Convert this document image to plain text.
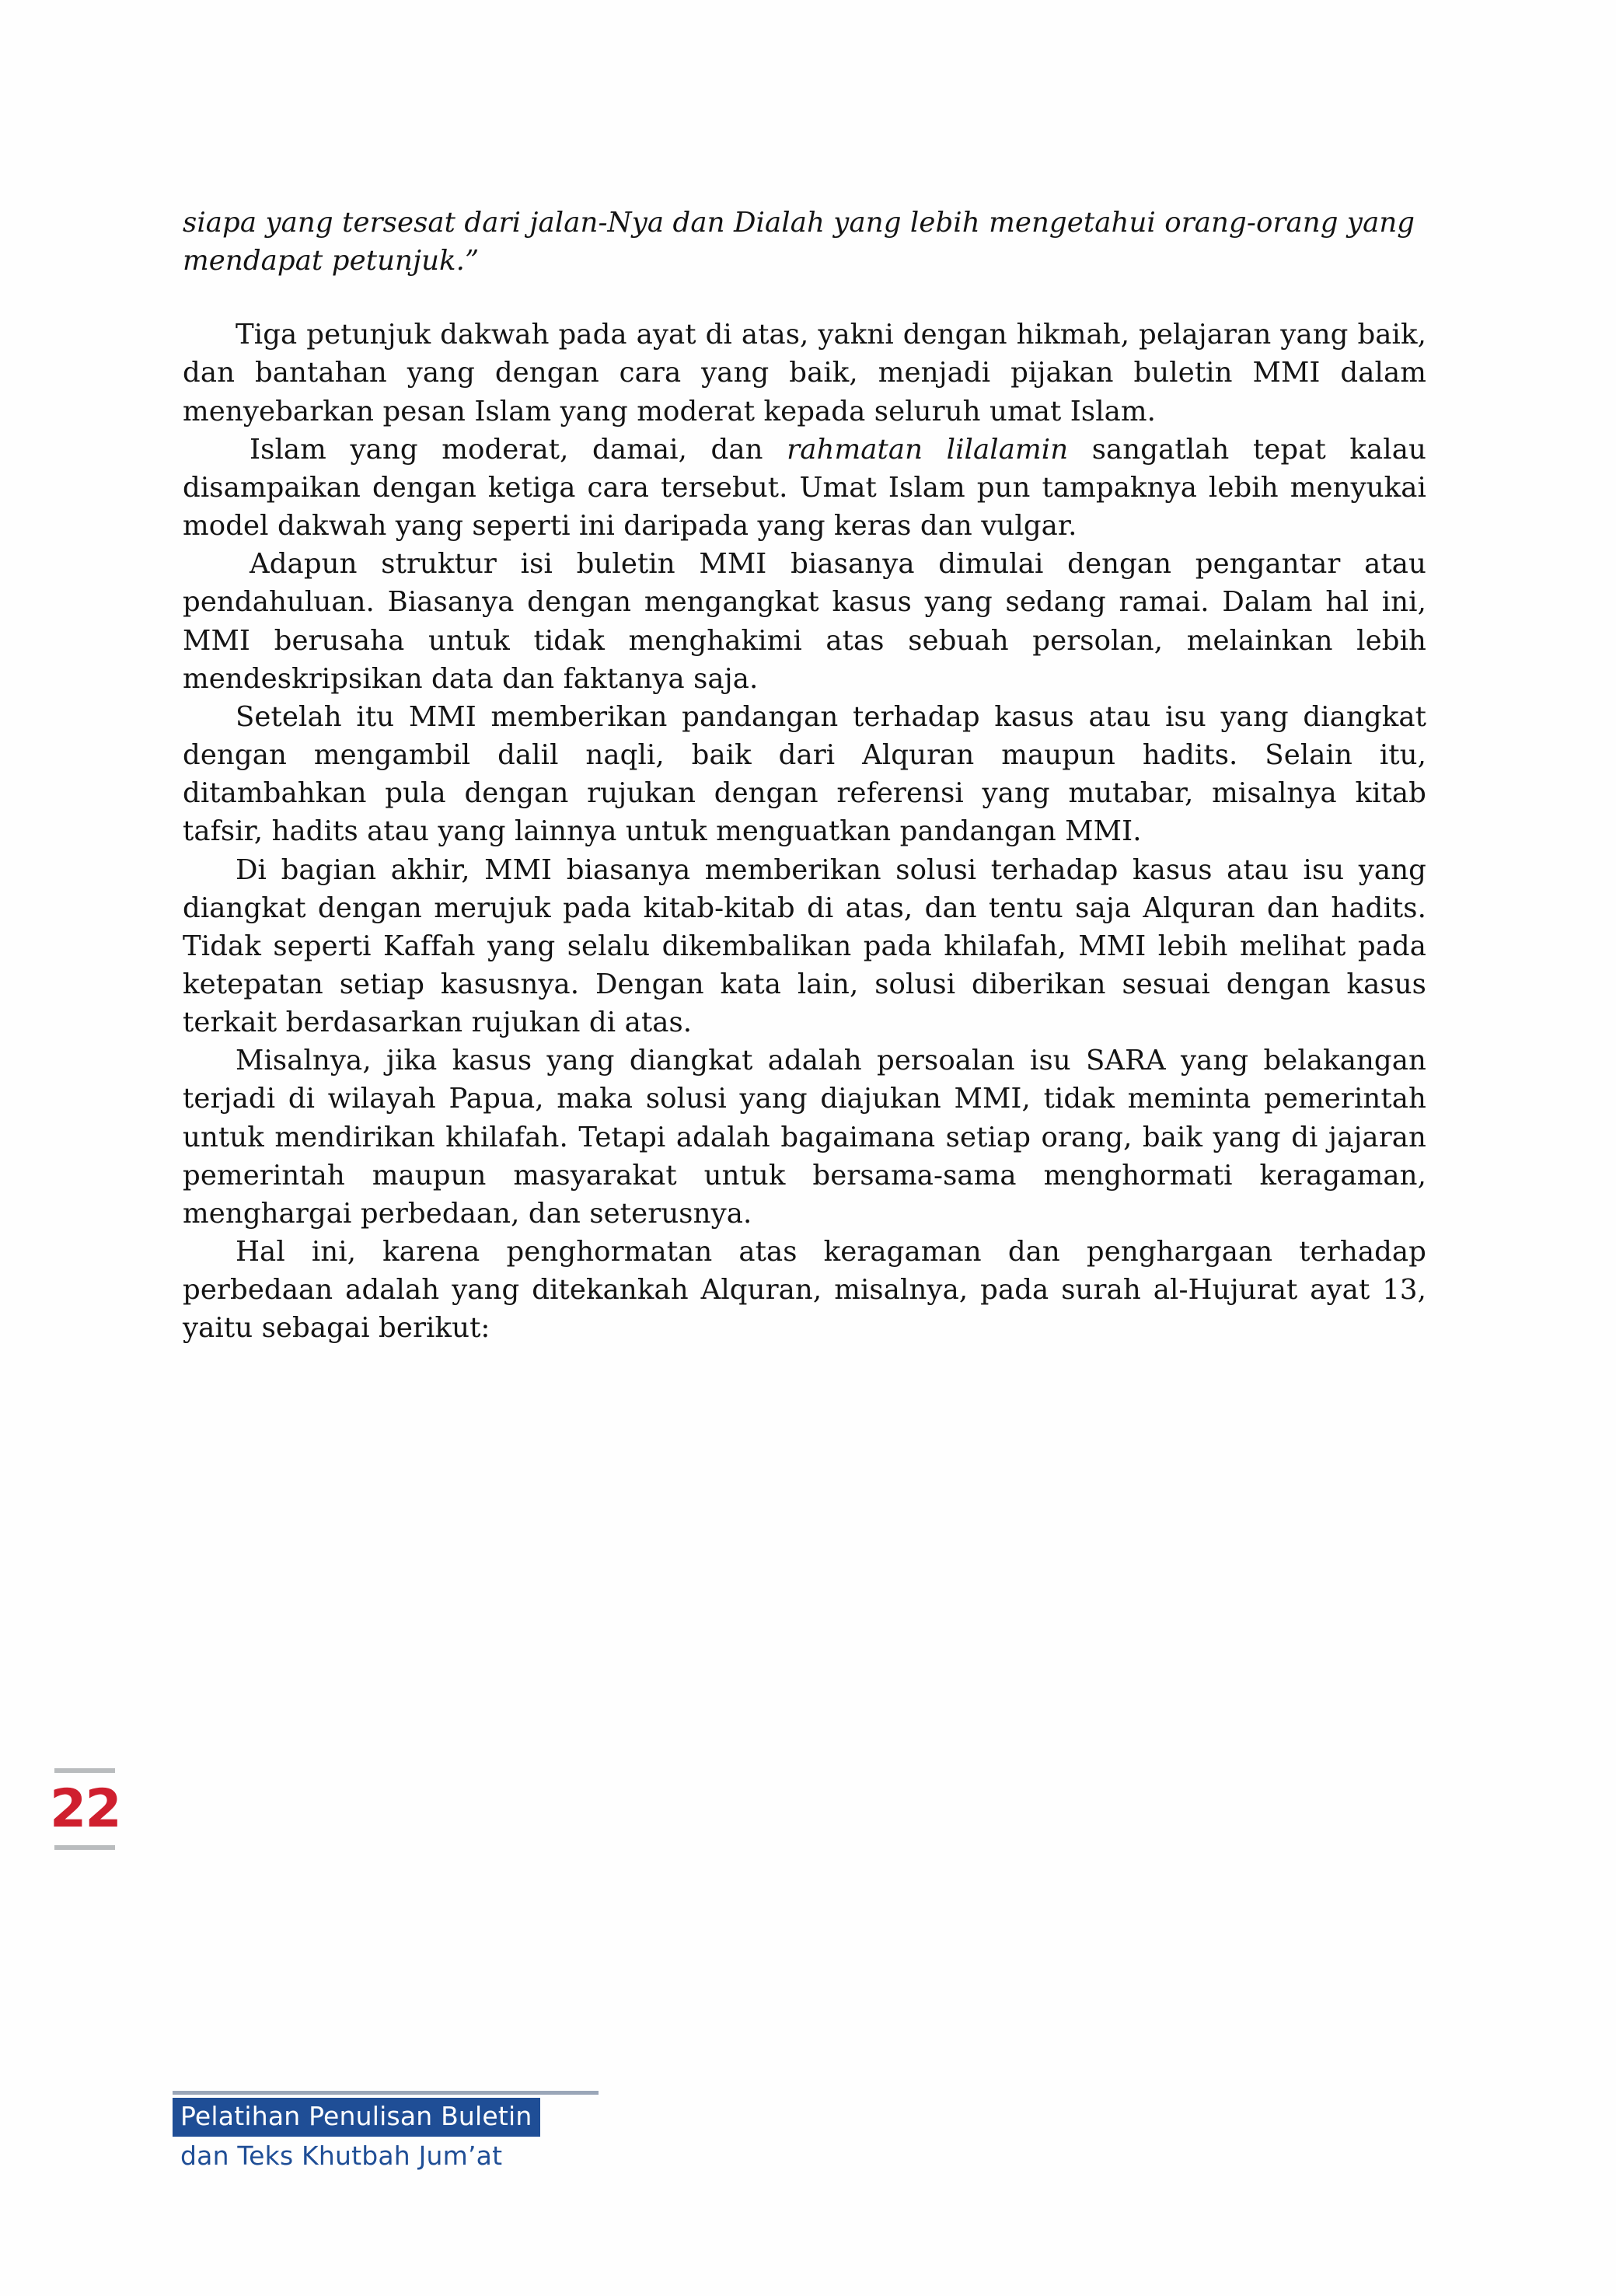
22

siapa yang tersesat dari jalan-Nya dan Dialah yang lebih mengetahui orang-orang yang mendapat petunjuk.”

Tiga petunjuk dakwah pada ayat di atas, yakni dengan hikmah, pelajaran yang baik, dan bantahan yang dengan cara yang baik, menjadi pijakan buletin MMI dalam menyebarkan pesan Islam yang moderat kepada seluruh umat Islam.

Islam yang moderat, damai, dan rahmatan lilalamin sangatlah tepat kalau disampaikan dengan ketiga cara tersebut. Umat Islam pun tampaknya lebih menyukai model dakwah yang seperti ini daripada yang keras dan vulgar.

Adapun struktur isi buletin MMI biasanya dimulai dengan pengantar atau pendahuluan. Biasanya dengan mengangkat kasus yang sedang ramai. Dalam hal ini, MMI berusaha untuk tidak menghakimi atas sebuah persolan, melainkan lebih mendeskripsikan data dan faktanya saja.

Setelah itu MMI memberikan pandangan terhadap kasus atau isu yang diangkat dengan mengambil dalil naqli, baik dari Alquran maupun hadits. Selain itu, ditambahkan pula dengan rujukan dengan referensi yang mutabar, misalnya kitab tafsir, hadits atau yang lainnya untuk menguatkan pandangan MMI.

Di bagian akhir, MMI biasanya memberikan solusi terhadap kasus atau isu yang diangkat dengan merujuk pada kitab-kitab di atas, dan tentu saja Alquran dan hadits. Tidak seperti Kaffah yang selalu dikembalikan pada khilafah, MMI lebih melihat pada ketepatan setiap kasusnya. Dengan kata lain, solusi diberikan sesuai dengan kasus terkait berdasarkan rujukan di atas.

Misalnya, jika kasus yang diangkat adalah persoalan isu SARA yang belakangan terjadi di wilayah Papua, maka solusi yang diajukan MMI, tidak meminta pemerintah untuk mendirikan khilafah. Tetapi adalah bagaimana setiap orang, baik yang di jajaran pemerintah maupun masyarakat untuk bersama-sama menghormati keragaman, menghargai perbedaan, dan seterusnya.

Hal ini, karena penghormatan atas keragaman dan penghargaan terhadap perbedaan adalah yang ditekankah Alquran, misalnya, pada surah al-Hujurat ayat 13, yaitu sebagai berikut:

Pelatihan Penulisan Buletin
dan Teks Khutbah Jum’at
